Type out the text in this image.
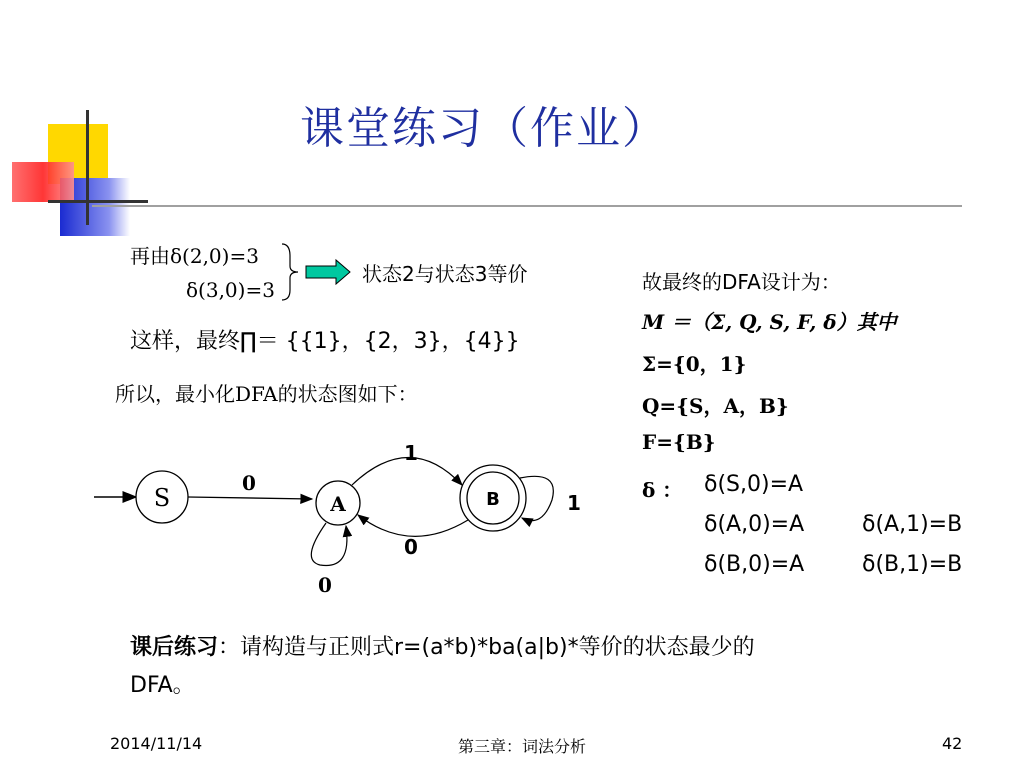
课堂练习（作业）
再由δ(2,0)=3
δ(3,0)=3
状态2与状态3等价
这样，最终∏＝ {{1}，{2，3}，{4}}
所以，最小化DFA的状态图如下：
S
0
A	B
1
0
1
0
故最终的DFA设计为：
M ＝（Σ, Q, S, F, δ）其中
Σ={0，1}
Q={S，A，B}
F={B}
δ ： δ(S,0)=A
δ(A,0)=A	δ(A,1)=B
δ(B,0)=A	δ(B,1)=B
课后练习：请构造与正则式r=(a*b)*ba(a|b)*等价的状态最少的
DFA。
2014/11/14	第三章：词法分析	42
